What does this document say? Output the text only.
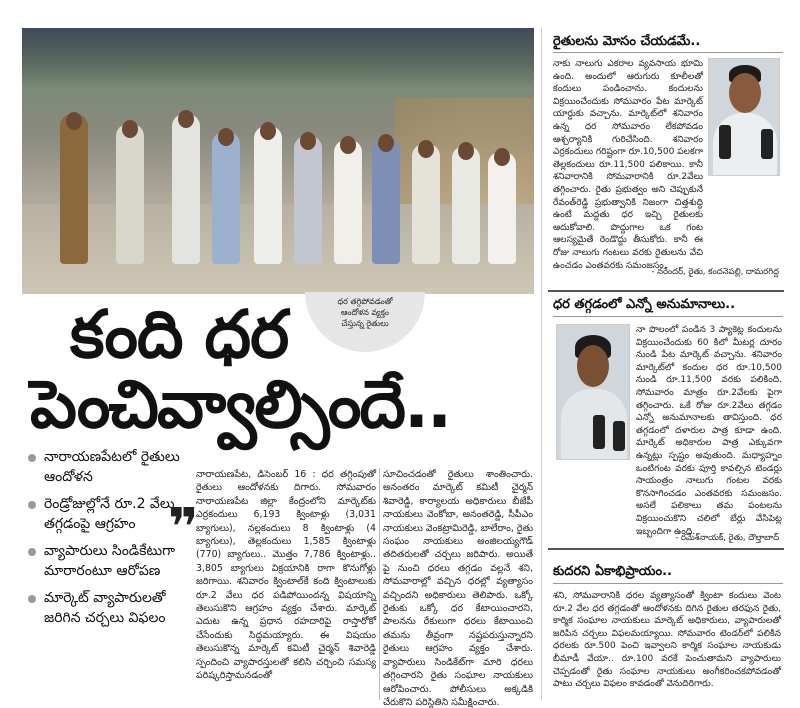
ధర తగ్గిపోవడంతో
ఆందోళన వ్యక్తం
చేస్తున్న రైతులు
కంది ధర
పెంచివ్వాల్సిందే..
నారాయణపేటలో రైతులు ఆందోళన
రెండ్రోజుల్లోనే రూ.2 వేలు తగ్గడంపై ఆగ్రహం
వ్యాపారులు సిండికేటుగా మారారంటూ ఆరోపణ
మార్కెట్ వ్యాపారులతో జరిగిన చర్చలు విఫలం
❞
నారాయణపేట, డిసెంబర్ 16 : ధర తగ్గింపుతో రైతులు ఆందోళనకు దిగారు. సోమవారం నారాయణపేట జిల్లా కేంద్రంలోని మార్కెట్‌కు ఎర్రకందులు 6,193 క్వింటాళ్లు (3,031 బ్యాగులు), నల్లకందులు 8 క్వింటాళ్లు (4 బ్యాగులు), తెల్లకందులు 1,585 క్వింటాళ్లు (770) బ్యాగులు.. మొత్తం 7,786 క్వింటాళ్లు.. 3,805 బ్యాగులు విక్రయానికి రాగా కొనుగోళ్లు జరిగాయి. శనివారం క్వింటాల్‌కే కంది క్వింటాలుకు రూ.2 వేలు ధర పడిపోయిందన్న విషయాన్ని తెలుసుకొని ఆగ్రహం వ్యక్తం చేశారు. మార్కెట్ ఎదుట ఉన్న ప్రధాన రహదారిపై రాస్తారోకో చేసేందుకు సిద్ధమయ్యారు. ఈ విషయం తెలుసుకొన్న మార్కెట్ కమిటీ చైర్మన్ శివారెడ్డి స్పందించి వ్యాపారస్తులతో కలిసి చర్చించి సమస్య పరిష్కరిస్తామనడంతో
సూచించడంతో రైతులు శాంతించారు. అనంతరం మార్కెట్ కమిటీ చైర్మన్ శివారెడ్డి, కార్యాలయ అధికారులు బీజేపీ నాయకులు వెంకోబా, అనంతరెడ్డి, సీపీఎం నాయకులు వెంకట్రామిరెడ్డి, బాలేరాం, రైతు సంఘం నాయకులు అంజిలయ్యగౌడ్ తదితరులతో చర్చలు జరిపారు. అయితే పై నుంచి ధరలు తగ్గడం వల్లనే శని, సోమవారాల్లో వచ్చిన ధరల్లో వ్యత్యాసం వచ్చిందని అధికారులు తెలిపారు. ఒక్కో రైతుకు ఒక్కో ధర కేటాయించారని, పాలనను రేకులుగా ధరలు కేటాయించి తమను తీవ్రంగా నష్టపరుస్తున్నారని రైతులు ఆగ్రహం వ్యక్తం చేశారు. వ్యాపారులు సిండికేట్‌గా మారి ధరలు తగ్గించారని రైతు సంఘాల నాయకులు ఆరోపించారు. పోలీసులు అక్కడికి చేరుకొని పరిస్థితిని సమీక్షించారు.
రైతులను మోసం చేయడమే..
నాకు నాలుగు ఎకరాల వ్యవసాయ భూమి ఉంది. అందులో ఆరుగురు కూలీలతో కందులు పండించాను. కందులను విక్రయించేందుకు సోమవారం పేట మార్కెట్ యార్డుకు వచ్చాను. మార్కెట్‌లో శనివారం ఉన్న ధర సోమవారం లేకపోవడం ఆశ్చర్యానికి గురిచేసింది. శనివారం ఎర్రకందులు గరిష్టంగా రూ.10,500 పలకగా తెల్లకందులు రూ.11,500 పలికాయి. కానీ శనివారానికి సోమవారానికి రూ.2వేలు తగ్గించారు. రైతు ప్రభుత్వం అని చెప్పుకునే రేవంత్‌రెడ్డి ప్రభుత్వానికి నిజంగా చిత్తశుద్ధి ఉంటే మద్దతు ధర ఇచ్చి రైతులకు ఆదుకోవాలి. పొద్దుగాల ఒక గంట ఆలస్యమైతే రెండొద్దు తీసుకోరు. కానీ ఈ రోజు నాలుగు గంటలు వరకు రైతులను వేచి ఉంచడం ఎంతవరకు సమంజసం.
- నరేందర్, రైతు, కందనెపల్లి, దామరగిద్ద
ధర తగ్గడంలో ఎన్నో అనుమానాలు..
నా పొలంలో పండిన 3 ప్యాకెట్ల కందులను విక్రయించేందుకు 60 కిలో మీటర్ల దూరం నుండి పేట మార్కెట్ వచ్చాను. శనివారం మార్కెట్‌లో కందుల ధర రూ.10,500 నుండి రూ.11,500 వరకు పలికింది. సోమవారం మాత్రం రూ.2వేలకు పైగా తగ్గించారు. ఒకే రోజు రూ.2వేలు తగ్గడం ఎన్నో అనుమానాలకు తావిస్తుంది. ధర తగ్గడంలో దళారుల పాత్ర కూడా ఉంది. మార్కెట్ అధికారుల పాత్ర ఎక్కువగా ఉన్నట్లు స్పష్టం అవుతుంది. మధ్యాహ్నం ఒంటిగంట వరకు పూర్తి కావల్సిన టెండర్లు సాయంత్రం నాలుగు గంటల వరకు కొనసాగించడం ఎంతవరకు సమంజసం. అసలే పలికాలు తమ పంటలను విక్రయించుకొని చలిలో బేర్లు వేసిపెట్ల ఇబ్బందిగా ఉంది.
- రమేశ్‌నాయక్, రైతు, దౌల్తాబాద్
కుదరని ఏకాభిప్రాయం..
శని, సోమవారానికి ధరల వ్యత్యాసంతో క్వింటా కందులు వెంట రూ.2 వేల ధర తగ్గడంతో ఆందోళనకు దిగిన రైతుల తరఫున రైతు, కార్మిక సంఘాల నాయకులు మార్కెట్ అధికారులు, వ్యాపారులతో జరిపిన చర్చలు విఫలమయ్యాయి. సోమవారం టెండర్‌లో పలికిన ధరలకు రూ.500 పెంచి ఇవ్వాలని కార్మిక సంఘాల నాయకుడు బీమాడీ వేయా.. రూ.100 వరకే పెంచుతామని వ్యాపారులు చెప్పడంతో రైతు సంఘాల నాయకులు అంగీకరించకపోవడంతో పాటు చర్చలు విఫలం కావడంతో వెనుదిరిగారు.
